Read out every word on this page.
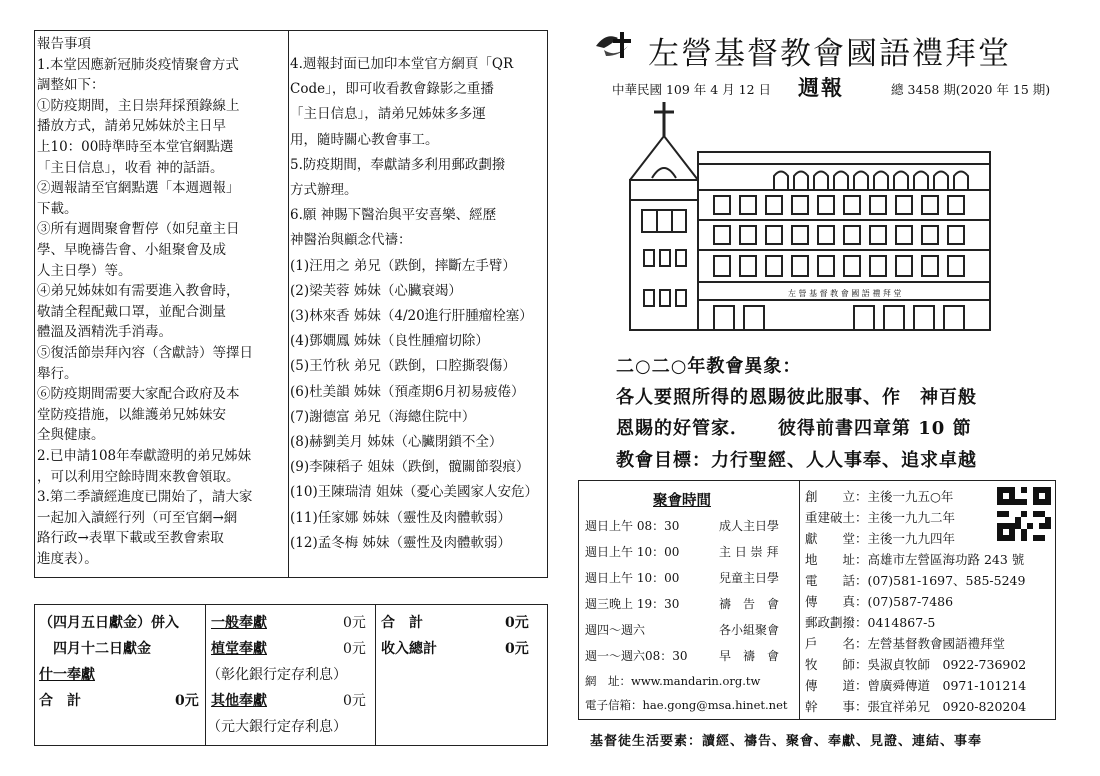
報告事項
1.本堂因應新冠肺炎疫情聚會方式
調整如下：
①防疫期間，主日崇拜採預錄線上
播放方式，請弟兄姊妹於主日早
上10：00時準時至本堂官網點選
「主日信息」，收看 神的話語。
②週報請至官網點選「本週週報」
下載。
③所有週間聚會暫停（如兒童主日
學、早晚禱告會、小組聚會及成
人主日學）等。
④弟兄姊妹如有需要進入教會時，
敬請全程配戴口罩，並配合測量
體溫及酒精洗手消毒。
⑤復活節崇拜內容（含獻詩）等擇日
舉行。
⑥防疫期間需要大家配合政府及本
堂防疫措施，以維護弟兄姊妹安
全與健康。
2.已申請108年奉獻證明的弟兄姊妹
，可以利用空餘時間來教會領取。
3.第二季讀經進度已開始了，請大家
一起加入讀經行列（可至官網→網
路行政→表單下載或至教會索取
進度表）。
4.週報封面已加印本堂官方網頁「QR
Code」，即可收看教會錄影之重播
「主日信息」，請弟兄姊妹多多運
用，隨時關心教會事工。
5.防疫期間，奉獻請多利用郵政劃撥
方式辦理。
6.願 神賜下醫治與平安喜樂、經歷
神醫治與顧念代禱：
(1)汪用之 弟兄（跌倒，摔斷左手臂）
(2)梁芙蓉 姊妹（心臟衰竭）
(3)林來香 姊妹（4/20進行肝腫瘤栓塞）
(4)鄧嫺鳳 姊妹（良性腫瘤切除）
(5)王竹秋 弟兄（跌倒，口腔撕裂傷）
(6)杜美韻 姊妹（預產期6月初易疲倦）
(7)謝德富 弟兄（海總住院中）
(8)赫劉美月 姊妹（心臟閉鎖不全）
(9)李陳稻子 姐妹（跌倒，髖關節裂痕）
(10)王陳瑞清 姐妹（憂心美國家人安危）
(11)任家娜 姊妹（靈性及肉體軟弱）
(12)孟冬梅 姊妹（靈性及肉體軟弱）
（四月五日獻金）併入
　四月十二日獻金
什一奉獻
合　計	0元
一般奉獻	0元
植堂奉獻	0元
（彰化銀行定存利息）
其他奉獻	0元
（元大銀行定存利息）
合　計	0元
收入總計	0元
左營基督教會國語禮拜堂
中華民國 109 年 4 月 12 日	總 3458 期(2020 年 15 期)
週報
左 營 基 督 教 會 國 語 禮 拜 堂
二○二○年教會異象：
各人要照所得的恩賜彼此服事、作　神百般
恩賜的好管家．　　彼得前書四章第 10 節
教會目標：力行聖經、人人事奉、追求卓越
聚會時間
週日上午 08：30	成人主日學
週日上午 10：00	主 日 崇 拜
週日上午 10：00	兒童主日學
週三晚上 19：30	禱　告　會
週四～週六	各小組聚會
週一～週六08：30	早　禱　會
網　址：www.mandarin.org.tw
電子信箱：hae.gong@msa.hinet.net
創　　立：主後一九五○年
重建破土：主後一九九二年
獻　　堂：主後一九九四年
地　　址：高雄市左營區海功路 243 號
電　　話：(07)581-1697、585-5249
傳　　真：(07)587-7486
郵政劃撥：0414867-5
戶　　名：左營基督教會國語禮拜堂
牧　　師：吳淑貞牧師　0922-736902
傳　　道：曾廣舜傳道　0971-101214
幹　　事：張宜祥弟兄　0920-820204
基督徒生活要素：讀經、禱告、聚會、奉獻、見證、連結、事奉
